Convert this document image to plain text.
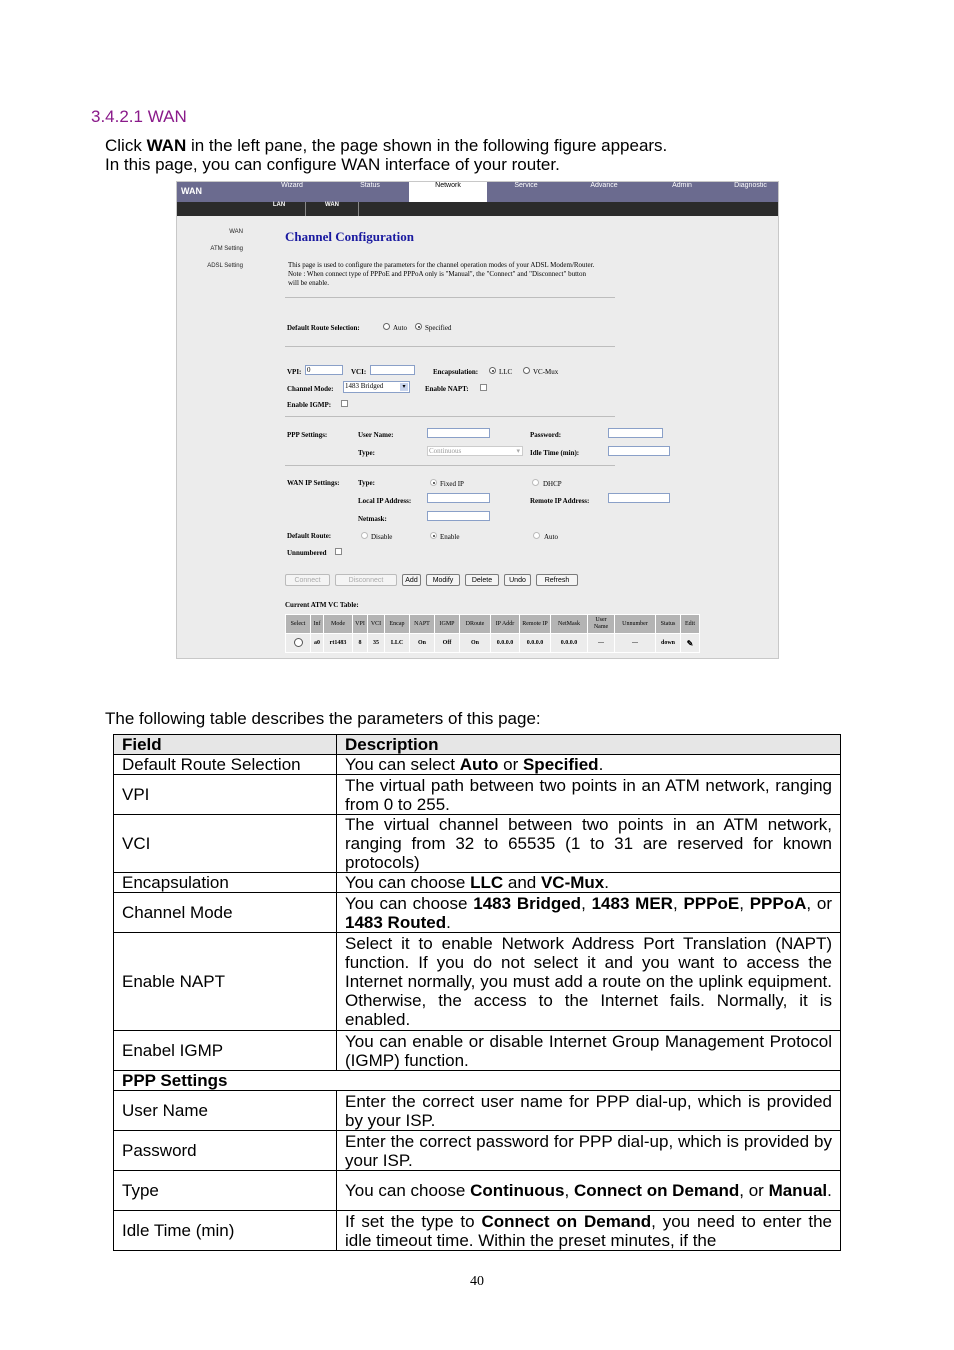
3.4.2.1 WAN
Click WAN in the left pane, the page shown in the following figure appears.
In this page, you can configure WAN interface of your router.
WAN
Wizard	Status	Network	Service	Advance	Admin	Diagnostic
LAN	WAN
WAN
ATM Setting
ADSL Setting
Channel Configuration
This page is used to configure the parameters for the channel operation modes of your ADSL Modem/Router.
Note : When connect type of PPPoE and PPPoA only is "Manual", the "Connect" and "Disconnect" button
will be enable.
Default Route Selection:	Auto	Specified
VPI: 0	VCI:	Encapsulation:	LLC	VC-Mux
Channel Mode: 1483 Bridged	▾	Enable NAPT:
Enable IGMP:
PPP Settings:	User Name:	Password:
Type:	Continuous	▾ Idle Time (min):
WAN IP Settings:	Type:	Fixed IP	DHCP
Local IP Address:	Remote IP Address:
Netmask:
Default Route:	Disable	Enable	Auto
Unnumbered
Connect	Disconnect	Add	Modify	Delete	Undo	Refresh
Current ATM VC Table:
Select	Inf	Mode	VPI	VCI	Encap	NAPT	IGMP	DRoute	IP Addr	Remote IP	NetMask	User Name	Unnumber	Status	Edit
	a0	rt1483	8	35	LLC	On	Off	On	0.0.0.0	0.0.0.0	0.0.0.0	---	---	down	✎
The following table describes the parameters of this page:
Field	Description
Default Route Selection	You can select Auto or Specified.
VPI	The virtual path between two points in an ATM network, ranging from 0 to 255.
VCI	The virtual channel between two points in an ATM network, ranging from 32 to 65535 (1 to 31 are reserved for known protocols)
Encapsulation	You can choose LLC and VC-Mux.
Channel Mode	You can choose 1483 Bridged, 1483 MER, PPPoE, PPPoA, or 1483 Routed.
Enable NAPT	Select it to enable Network Address Port Translation (NAPT) function. If you do not select it and you want to access the Internet normally, you must add a route on the uplink equipment. Otherwise, the access to the Internet fails. Normally, it is enabled.
Enabel IGMP	You can enable or disable Internet Group Management Protocol (IGMP) function.
PPP Settings	
User Name	Enter the correct user name for PPP dial-up, which is provided by your ISP.
Password	Enter the correct password for PPP dial-up, which is provided by your ISP.
Type	You can choose Continuous, Connect on Demand, or Manual.
Idle Time (min)	If set the type to Connect on Demand, you need to enter the idle timeout time. Within the preset minutes, if the
40
